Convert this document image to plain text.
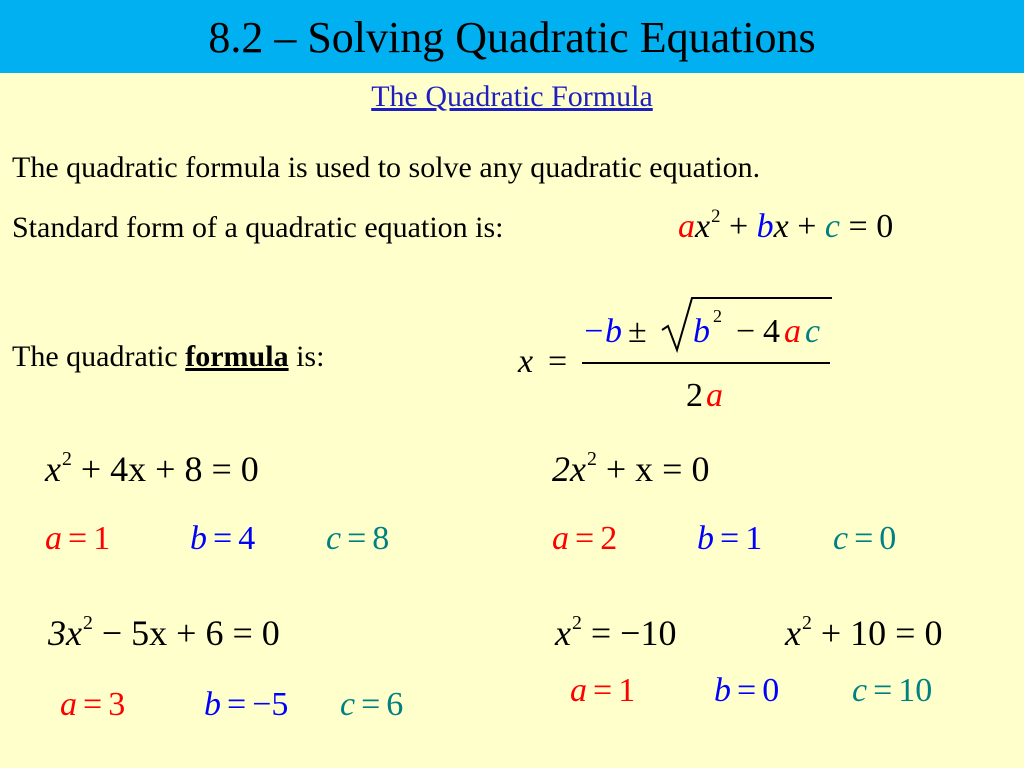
8.2 – Solving Quadratic Equations
The Quadratic Formula
The quadratic formula is used to solve any quadratic equation.
Standard form of a quadratic equation is:	$ax^2$ + bx + c = 0
The quadratic formula is:	x =
−b ± b 2 − 4 a c
2 a
$x^2 + 4x + 8 = 0$
a = 1 b = 4 c = 8
$2x^2 + x = 0$
a = 2 b = 1 c = 0
$3x^2 - 5x + 6 = 0$
a = 3 b = −5 c = 6
$x^2 = -10$	$x^2 + 10 = 0$
a = 1 b = 0 c = 10
